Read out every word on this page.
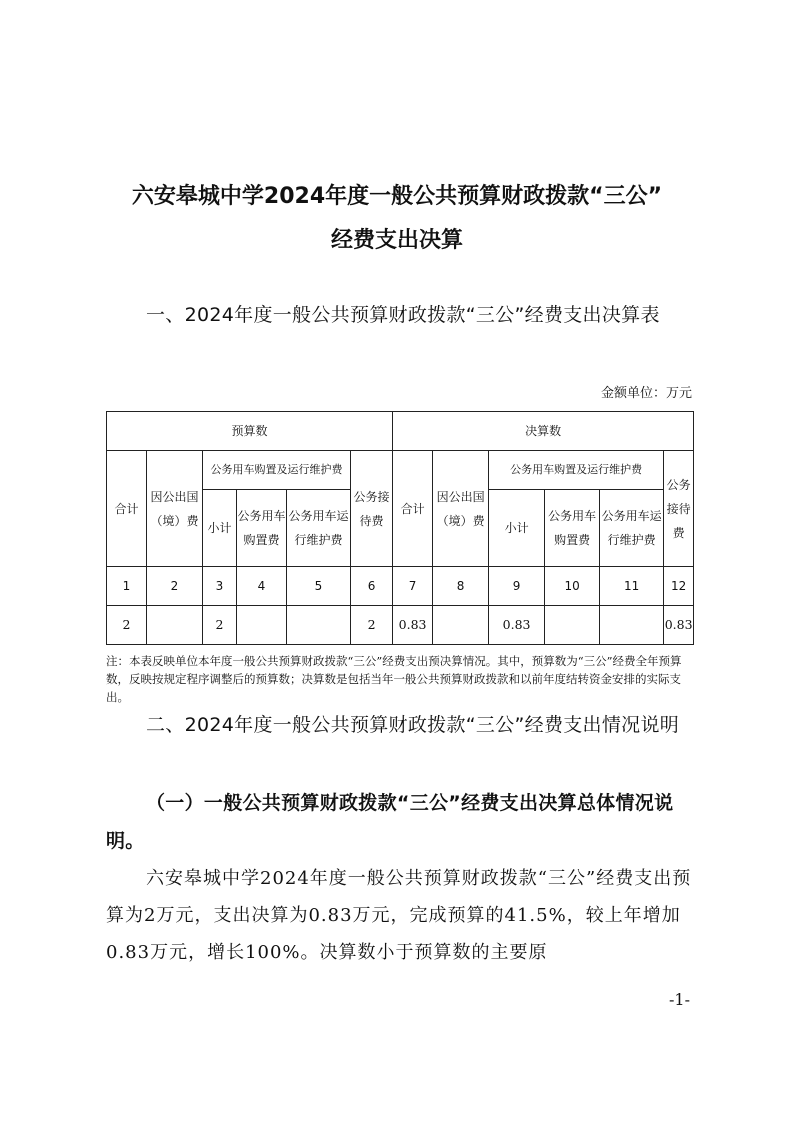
六安皋城中学2024年度一般公共预算财政拨款“三公”
经费支出决算
一、2024年度一般公共预算财政拨款“三公”经费支出决算表
金额单位：万元
预算数						决算数					
合计	因公出国（境）费	公务用车购置及运行维护费			公务接待费	合计	因公出国（境）费	公务用车购置及运行维护费			公务接待费
		小计	公务用车购置费	公务用车运行维护费				小计	公务用车购置费	公务用车运行维护费	
1	2	3	4	5	6	7	8	9	10	11	12
2		2			2	0.83		0.83			0.83
注：本表反映单位本年度一般公共预算财政拨款“三公”经费支出预决算情况。其中，预算数为“三公”经费全年预算数，反映按规定程序调整后的预算数；决算数是包括当年一般公共预算财政拨款和以前年度结转资金安排的实际支出。
二、2024年度一般公共预算财政拨款“三公”经费支出情况说明
（一）一般公共预算财政拨款“三公”经费支出决算总体情况说明。
六安皋城中学2024年度一般公共预算财政拨款“三公”经费支出预算为2万元，支出决算为0.83万元，完成预算的41.5%，较上年增加0.83万元，增长100%。决算数小于预算数的主要原
-1-
